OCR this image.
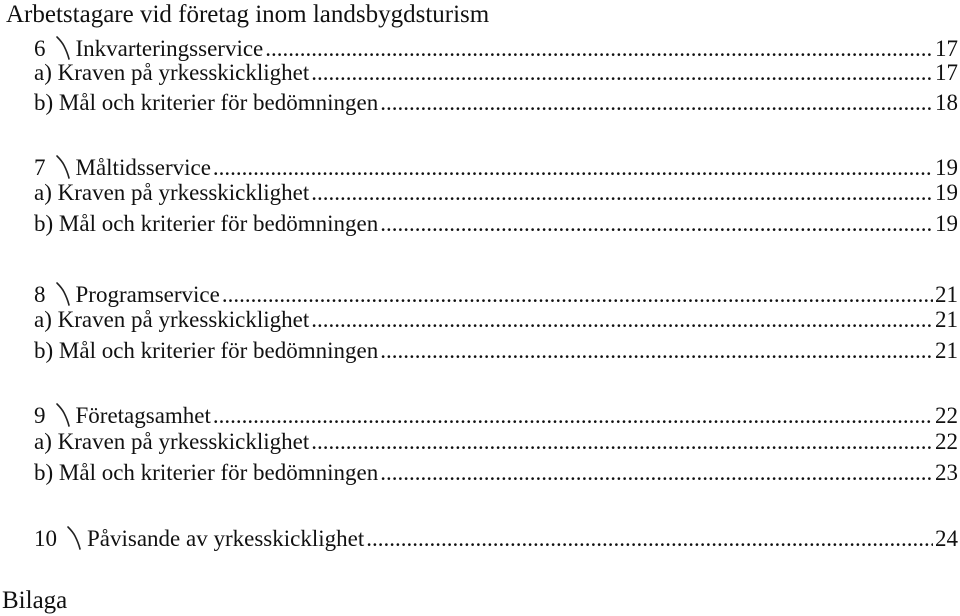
Arbetstagare vid företag inom landsbygdsturism
6 Inkvarteringsservice .....	17
a) Kraven på yrkesskicklighet .....	17
b) Mål och kriterier för bedömningen .....	18
7 Måltidsservice .....	19
a) Kraven på yrkesskicklighet .....	19
b) Mål och kriterier för bedömningen .....	19
8 Programservice .....	21
a) Kraven på yrkesskicklighet .....	21
b) Mål och kriterier för bedömningen .....	21
9 Företagsamhet .....	22
a) Kraven på yrkesskicklighet .....	22
b) Mål och kriterier för bedömningen .....	23
10 Påvisande av yrkesskicklighet .....	24
Bilaga
